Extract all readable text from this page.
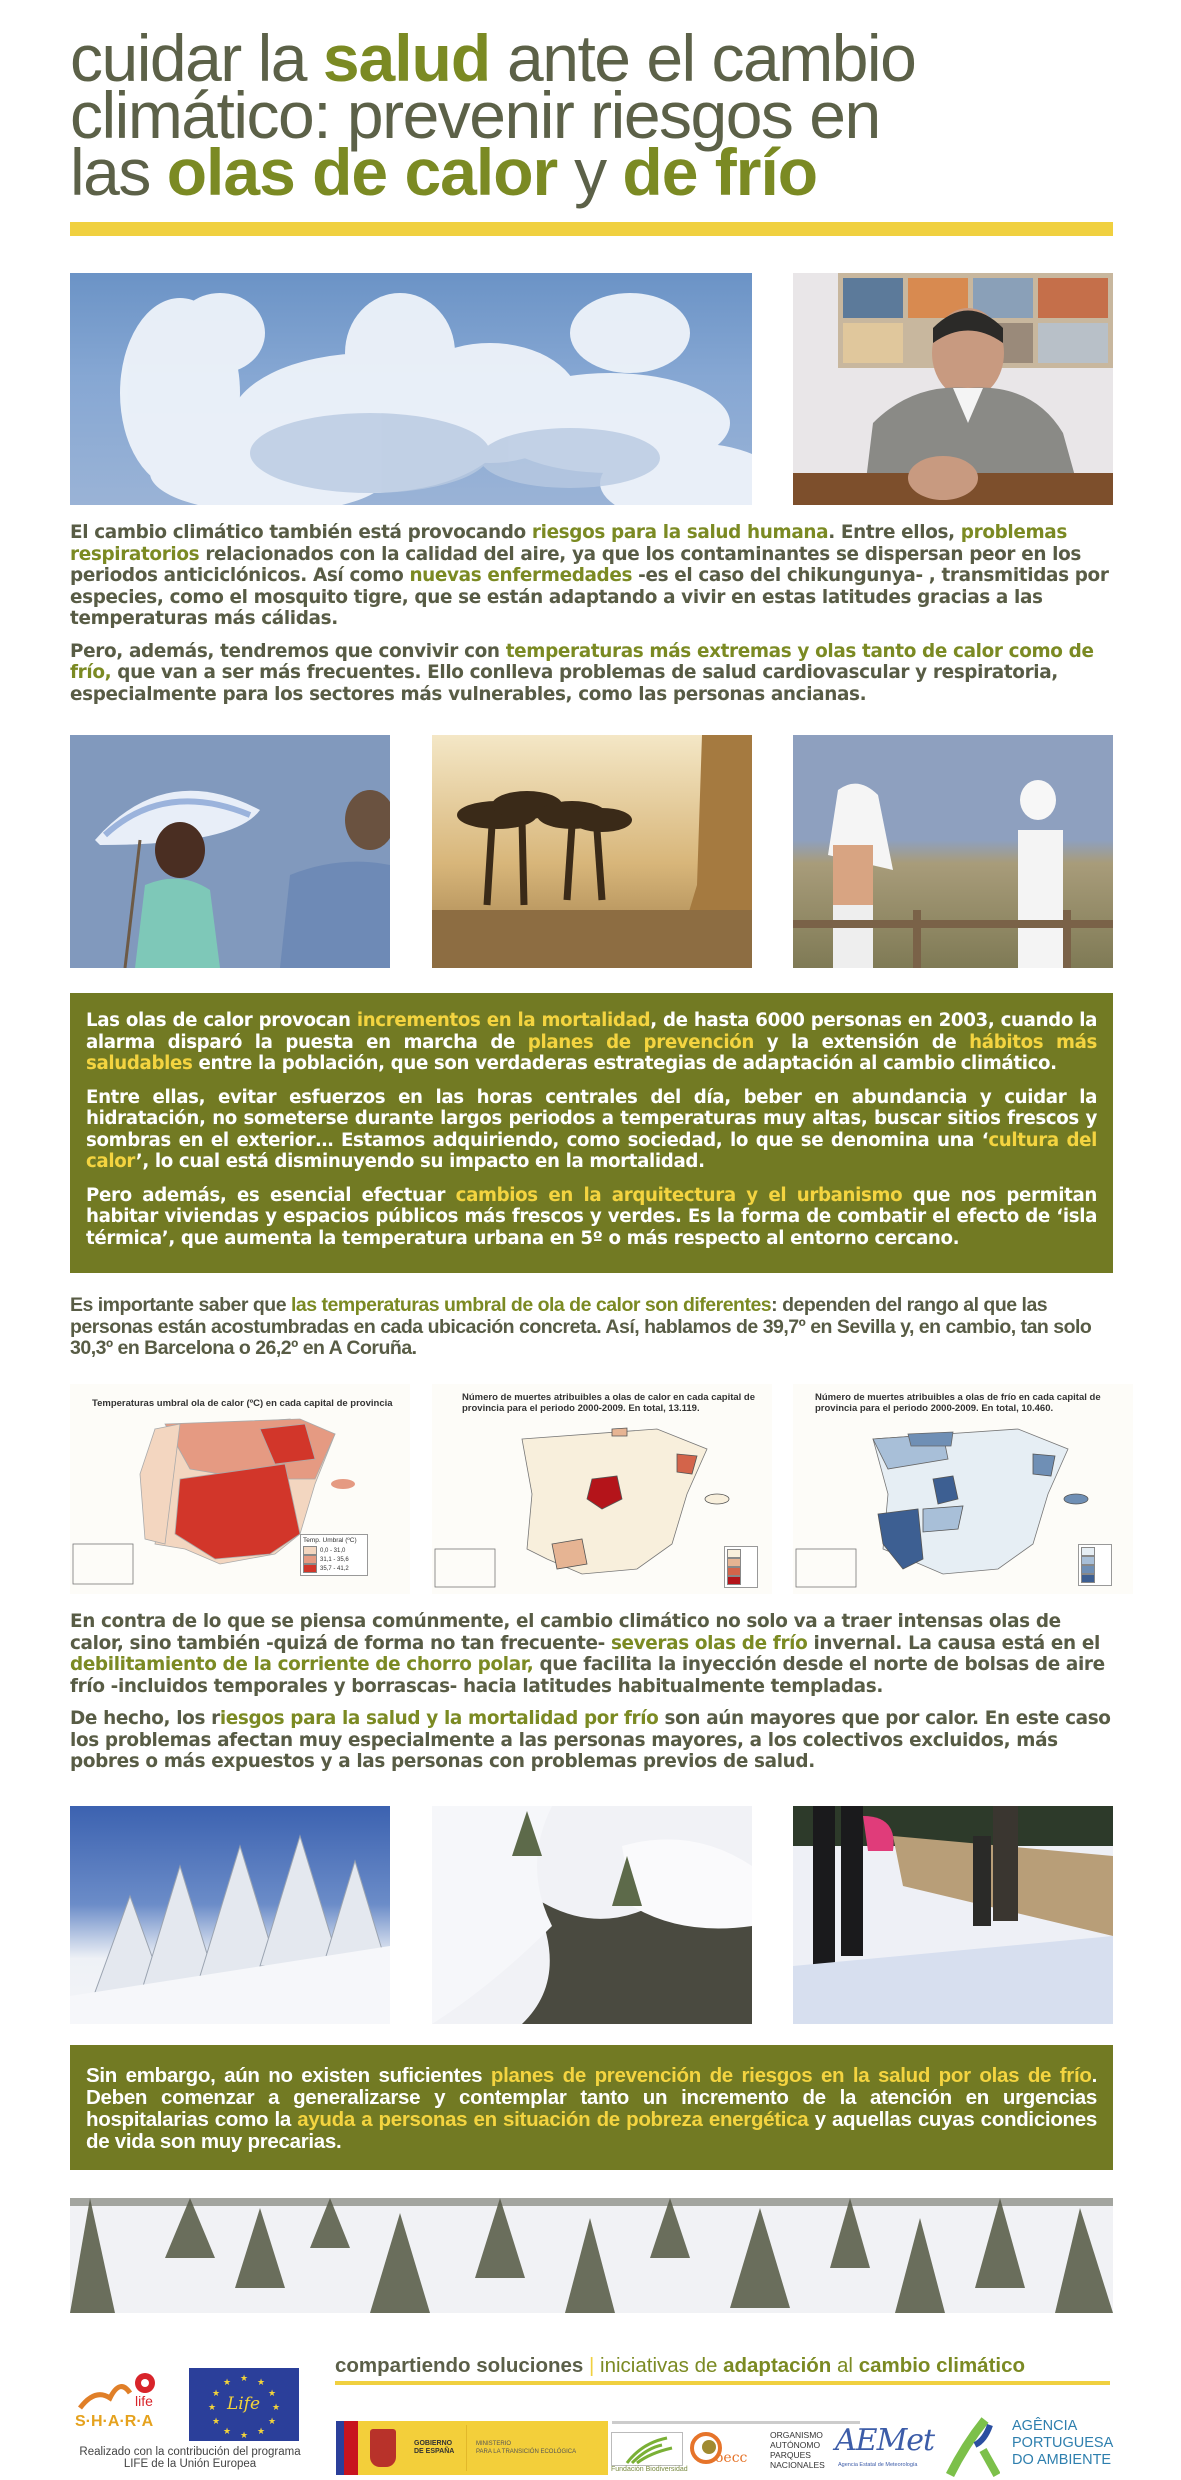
cuidar la salud ante el cambio
climático: prevenir riesgos en
las olas de calor y de frío

El cambio climático también está provocando riesgos para la salud humana. Entre ellos, problemas respiratorios relacionados con la calidad del aire, ya que los contaminantes se dispersan peor en los periodos anticiclónicos. Así como nuevas enfermedades -es el caso del chikungunya- , transmitidas por especies, como el mosquito tigre, que se están adaptando a vivir en estas latitudes gracias a las temperaturas más cálidas.

Pero, además, tendremos que convivir con temperaturas más extremas y olas tanto de calor como de frío, que van a ser más frecuentes. Ello conlleva problemas de salud cardiovascular y respiratoria, especialmente para los sectores más vulnerables, como las personas ancianas.

Las olas de calor provocan incrementos en la mortalidad, de hasta 6000 personas en 2003, cuando la alarma disparó la puesta en marcha de planes de prevención y la extensión de hábitos más saludables entre la población, que son verdaderas estrategias de adaptación al cambio climático.

Entre ellas, evitar esfuerzos en las horas centrales del día, beber en abundancia y cuidar la hidratación, no someterse durante largos periodos a temperaturas muy altas, buscar sitios frescos y sombras en el exterior… Estamos adquiriendo, como sociedad, lo que se denomina una ‘cultura del calor’, lo cual está disminuyendo su impacto en la mortalidad.

Pero además, es esencial efectuar cambios en la arquitectura y el urbanismo que nos permitan habitar viviendas y espacios públicos más frescos y verdes. Es la forma de combatir el efecto de ‘isla térmica’, que aumenta la temperatura urbana en 5º o más respecto al entorno cercano.

Es importante saber que las temperaturas umbral de ola de calor son diferentes: dependen del rango al que las personas están acostumbradas en cada ubicación concreta. Así, hablamos de 39,7º en Sevilla y, en cambio, tan solo 30,3º en Barcelona o 26,2º en A Coruña.

Temperaturas umbral ola de calor (ºC) en cada capital de provincia
Temp. Umbral (ºC)
0,0 - 31,0
31,1 - 35,6
35,7 - 41,2
Número de muertes atribuibles a olas de calor en cada capital de provincia para el periodo 2000-2009. En total, 13.119.
Número de muertes atribuibles a olas de frío en cada capital de provincia para el periodo 2000-2009. En total, 10.460.

En contra de lo que se piensa comúnmente, el cambio climático no solo va a traer intensas olas de calor, sino también -quizá de forma no tan frecuente- severas olas de frío invernal. La causa está en el debilitamiento de la corriente de chorro polar, que facilita la inyección desde el norte de bolsas de aire frío -incluidos temporales y borrascas- hacia latitudes habitualmente templadas.

De hecho, los riesgos para la salud y la mortalidad por frío son aún mayores que por calor. En este caso los problemas afectan muy especialmente a las personas mayores, a los colectivos excluidos, más pobres o más expuestos y a las personas con problemas previos de salud.

Sin embargo, aún no existen suficientes planes de prevención de riesgos en la salud por olas de frío. Deben comenzar a generalizarse y contemplar tanto un incremento de la atención en urgencias hospitalarias como la ayuda a personas en situación de pobreza energética y aquellas cuyas condiciones de vida son muy precarias.

life
S·H·A·R·A
★ ★
★
★
★
★
★
★
★
★
★
★
Life
Realizado con la contribución del programa LIFE de la Unión Europea
compartiendo soluciones | iniciativas de adaptación al cambio climático
GOBIERNO
DE ESPAÑA
MINISTERIO
PARA LA TRANSICIÓN ECOLÓGICA
Fundación Biodiversidad
oecc
ORGANISMO
AUTÓNOMO
PARQUES
NACIONALES
AEMet
Agencia Estatal de Meteorología
AGÊNCIA
PORTUGUESA
DO AMBIENTE
